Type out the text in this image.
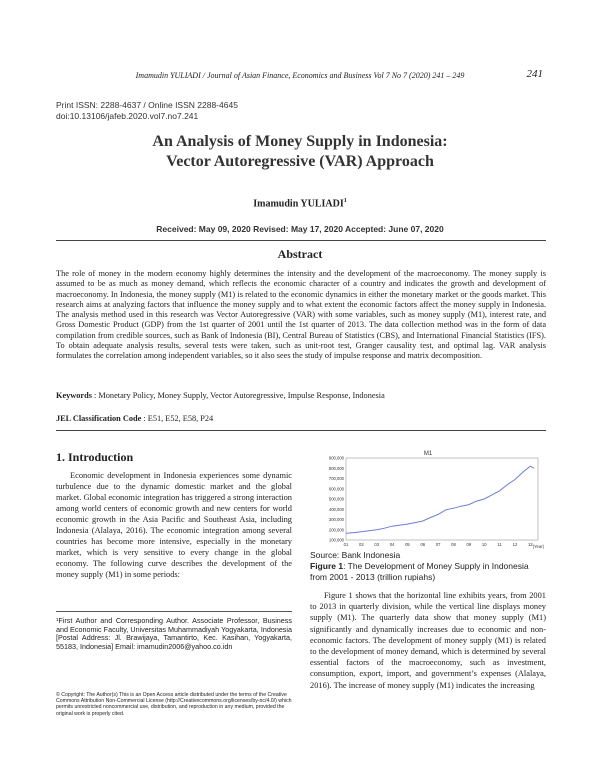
Imamudin YULIADI / Journal of Asian Finance, Economics and Business Vol 7 No 7 (2020) 241 – 249	241
Print ISSN: 2288-4637 / Online ISSN 2288-4645
doi:10.13106/jafeb.2020.vol7.no7.241
An Analysis of Money Supply in Indonesia:
Vector Autoregressive (VAR) Approach
Imamudin YULIADI$^1$
Received: May 09, 2020 Revised: May 17, 2020 Accepted: June 07, 2020
Abstract
The role of money in the modern economy highly determines the intensity and the development of the macroeconomy. The money supply is assumed to be as much as money demand, which reflects the economic character of a country and indicates the growth and development of macroeconomy. In Indonesia, the money supply (M1) is related to the economic dynamics in either the monetary market or the goods market. This research aims at analyzing factors that influence the money supply and to what extent the economic factors affect the money supply in Indonesia. The analysis method used in this research was Vector Autoregressive (VAR) with some variables, such as money supply (M1), interest rate, and Gross Domestic Product (GDP) from the 1st quarter of 2001 until the 1st quarter of 2013. The data collection method was in the form of data compilation from credible sources, such as Bank of Indonesia (BI), Central Bureau of Statistics (CBS), and International Financial Statistics (IFS). To obtain adequate analysis results, several tests were taken, such as unit-root test, Granger causality test, and optimal lag. VAR analysis formulates the correlation among independent variables, so it also sees the study of impulse response and matrix decomposition.
Keywords : Monetary Policy, Money Supply, Vector Autoregressive, Impulse Response, Indonesia
JEL Classification Code : E51, E52, E58, P24
1. Introduction

Economic development in Indonesia experiences some dynamic turbulence due to the dynamic domestic market and the global market. Global economic integration has triggered a strong interaction among world centers of economic growth and new centers for world economic growth in the Asia Pacific and Southeast Asia, including Indonesia (Alalaya, 2016). The economic integration among several countries has become more intensive, especially in the monetary market, which is very sensitive to every change in the global economy. The following curve describes the development of the money supply (M1) in some periods:

¹First Author and Corresponding Author. Associate Professor, Business and Economic Faculty, Universitas Muhammadiyah Yogyakarta, Indonesia [Postal Address: Jl. Brawijaya, Tamantirto, Kec. Kasihan, Yogyakarta, 55183, Indonesia] Email: imamudin2006@yahoo.co.idn
© Copyright: The Author(s) This is an Open Access article distributed under the terms of the Creative Commons Attribution Non-Commercial License (http://Creativecommons.org/licenses/by-nc/4.0/) which permits unrestricted noncommercial use, distribution, and reproduction in any medium, provided the original work is properly cited.
M1
100,000
200,000
300,000
400,000
500,000
600,000
700,000
800,000
900,000
01	02	03	04	05	06	07	08	09	10	11	12	13 (Year)
Source: Bank Indonesia
Figure 1: The Development of Money Supply in Indonesia from 2001 - 2013 (trillion rupiahs)

Figure 1 shows that the horizontal line exhibits years, from 2001 to 2013 in quarterly division, while the vertical line displays money supply (M1). The quarterly data show that money supply (M1) significantly and dynamically increases due to economic and non-economic factors. The development of money supply (M1) is related to the development of money demand, which is determined by several essential factors of the macroeconomy, such as investment, consumption, export, import, and government’s expenses (Alalaya, 2016). The increase of money supply (M1) indicates the increasing
